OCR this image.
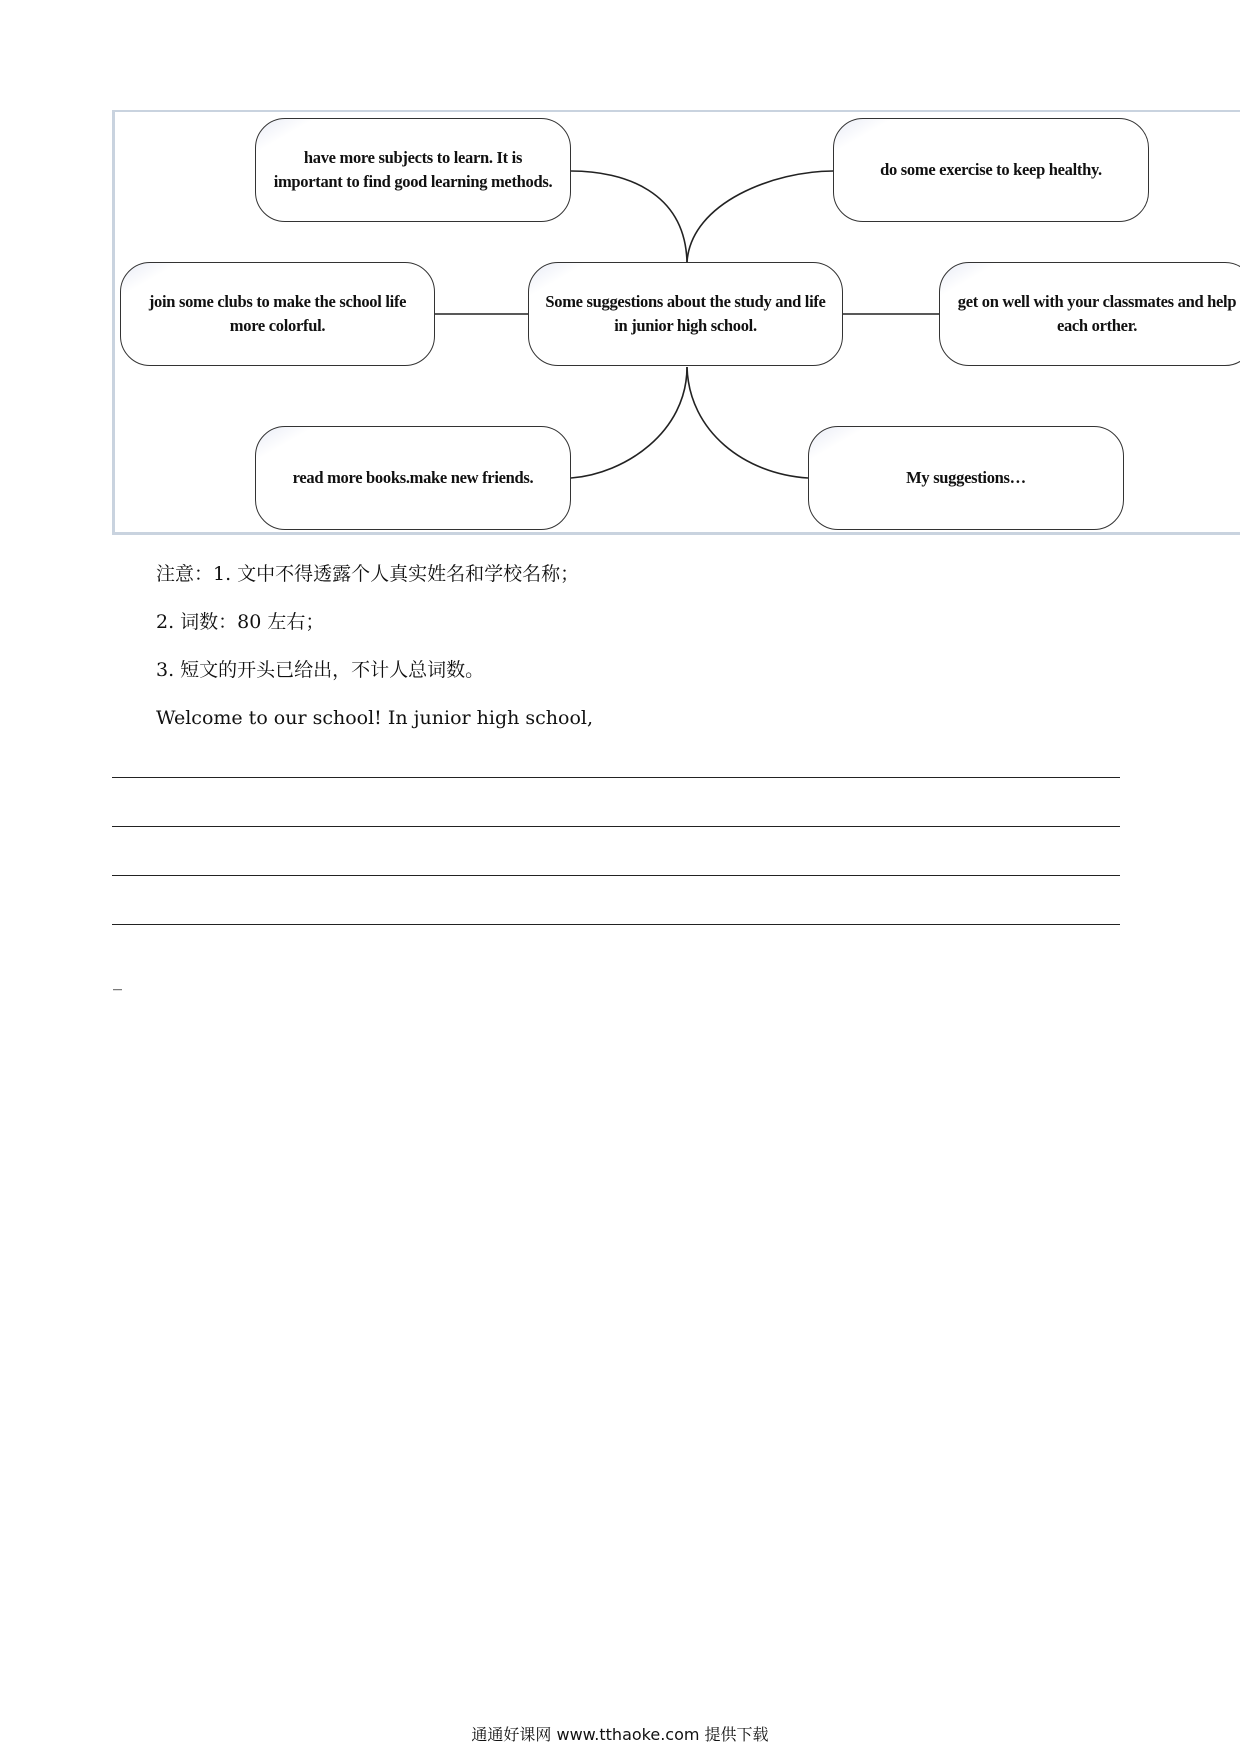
have more subjects to learn. It is important to find good learning methods.
do some exercise to keep healthy.
join some clubs to make the school life more colorful.
Some suggestions about the study and life in junior high school.
get on well with your classmates and help each orther.
read more books.make new friends.	My suggestions…

注意：1. 文中不得透露个人真实姓名和学校名称；

2. 词数：80 左右；

3. 短文的开头已给出，不计人总词数。

Welcome to our school! In junior high school,

_
通通好课网 www.tthaoke.com 提供下载
